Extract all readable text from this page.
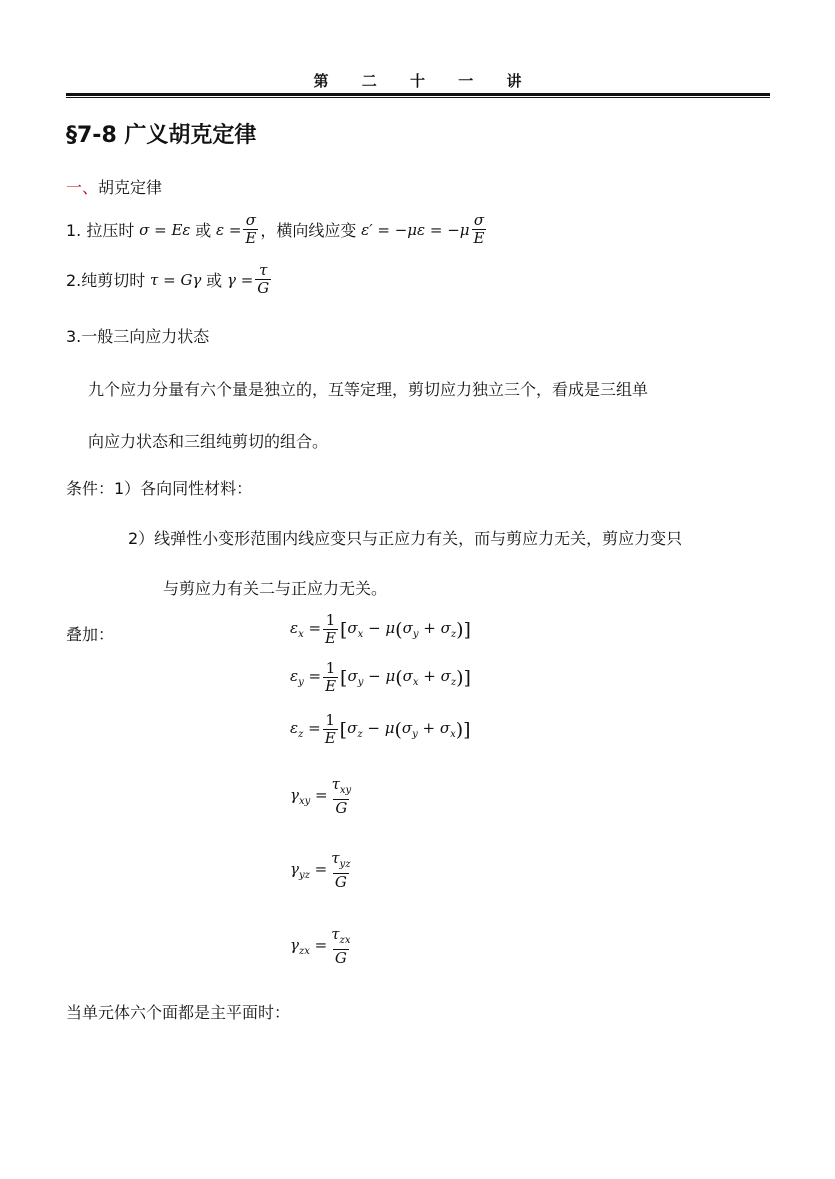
第 二 十 一 讲
§7-8 广义胡克定律
一、胡克定律
1. 拉压时 σ = Eε 或 $\varepsilon = \frac{\sigma}{E}$ ，横向线应变 $\varepsilon' = -\mu\varepsilon = -\mu \frac{\sigma}{E}$
2.纯剪切时 τ = Gγ 或 $\gamma = \frac{\tau}{G}$
3.一般三向应力状态
九个应力分量有六个量是独立的，互等定理，剪切应力独立三个，看成是三组单
向应力状态和三组纯剪切的组合。
条件：1）各向同性材料：
2）线弹性小变形范围内线应变只与正应力有关，而与剪应力无关，剪应力变只
与剪应力有关二与正应力无关。
叠加：	$\varepsilon_x = \frac{1}{E}$ [ $\sigma_x - \mu$ ( $\sigma_y + \sigma_z$ )]
$\varepsilon_y = \frac{1}{E}$ [ $\sigma_y - \mu$ ( $\sigma_x + \sigma_z$ )]
$\varepsilon_z = \frac{1}{E}$ [ $\sigma_z - \mu$ ( $\sigma_y + \sigma_x$ )]
$\gamma_{xy} = \frac{\tau_{xy}}{G}$
$\gamma_{yz} = \frac{\tau_{yz}}{G}$
$\gamma_{zx} = \frac{\tau_{zx}}{G}$
当单元体六个面都是主平面时：
